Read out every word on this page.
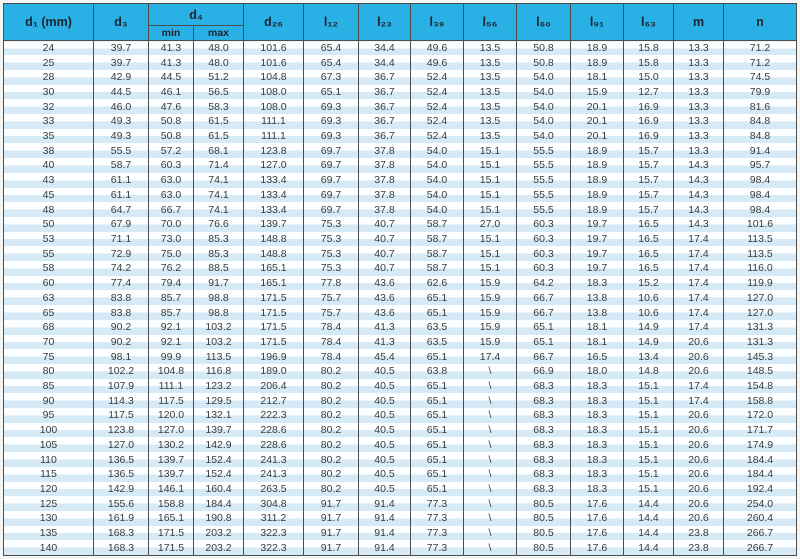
d₁ (mm)	d₃	d₄		d₂₆	l₁₂	l₂₃	l₃₉	l₅₆	l₆₀	l₉₁	l₆₃	m	n
		min	max										
24	39.7	41.3	48.0	101.6	65.4	34.4	49.6	13.5	50.8	18.9	15.8	13.3	71.2
25	39.7	41.3	48.0	101.6	65.4	34.4	49.6	13.5	50.8	18.9	15.8	13.3	71.2
28	42.9	44.5	51.2	104.8	67.3	36.7	52.4	13.5	54.0	18.1	15.0	13.3	74.5
30	44.5	46.1	56.5	108.0	65.1	36.7	52.4	13.5	54.0	15.9	12.7	13.3	79.9
32	46.0	47.6	58.3	108.0	69.3	36.7	52.4	13.5	54.0	20.1	16.9	13.3	81.6
33	49.3	50.8	61.5	111.1	69.3	36.7	52.4	13.5	54.0	20.1	16.9	13.3	84.8
35	49.3	50.8	61.5	111.1	69.3	36.7	52.4	13.5	54.0	20.1	16.9	13.3	84.8
38	55.5	57.2	68.1	123.8	69.7	37.8	54.0	15.1	55.5	18.9	15.7	13.3	91.4
40	58.7	60.3	71.4	127.0	69.7	37.8	54.0	15.1	55.5	18.9	15.7	14.3	95.7
43	61.1	63.0	74.1	133.4	69.7	37.8	54.0	15.1	55.5	18.9	15.7	14.3	98.4
45	61.1	63.0	74.1	133.4	69.7	37.8	54.0	15.1	55.5	18.9	15.7	14.3	98.4
48	64.7	66.7	74.1	133.4	69.7	37.8	54.0	15.1	55.5	18.9	15.7	14.3	98.4
50	67.9	70.0	76.6	139.7	75.3	40.7	58.7	27.0	60.3	19.7	16.5	14.3	101.6
53	71.1	73.0	85.3	148.8	75.3	40.7	58.7	15.1	60.3	19.7	16.5	17.4	113.5
55	72.9	75.0	85.3	148.8	75.3	40.7	58.7	15.1	60.3	19.7	16.5	17.4	113.5
58	74.2	76.2	88.5	165.1	75.3	40.7	58.7	15.1	60.3	19.7	16.5	17.4	116.0
60	77.4	79.4	91.7	165.1	77.8	43.6	62.6	15.9	64.2	18.3	15.2	17.4	119.9
63	83.8	85.7	98.8	171.5	75.7	43.6	65.1	15.9	66.7	13.8	10.6	17.4	127.0
65	83.8	85.7	98.8	171.5	75.7	43.6	65.1	15.9	66.7	13.8	10.6	17.4	127.0
68	90.2	92.1	103.2	171.5	78.4	41.3	63.5	15.9	65.1	18.1	14.9	17.4	131.3
70	90.2	92.1	103.2	171.5	78.4	41.3	63.5	15.9	65.1	18.1	14.9	20.6	131.3
75	98.1	99.9	113.5	196.9	78.4	45.4	65.1	17.4	66.7	16.5	13.4	20.6	145.3
80	102.2	104.8	116.8	189.0	80.2	40.5	63.8	\	66.9	18.0	14.8	20.6	148.5
85	107.9	111.1	123.2	206.4	80.2	40.5	65.1	\	68.3	18.3	15.1	17.4	154.8
90	114.3	117.5	129.5	212.7	80.2	40.5	65.1	\	68.3	18.3	15.1	17.4	158.8
95	117.5	120.0	132.1	222.3	80.2	40.5	65.1	\	68.3	18.3	15.1	20.6	172.0
100	123.8	127.0	139.7	228.6	80.2	40.5	65.1	\	68.3	18.3	15.1	20.6	171.7
105	127.0	130.2	142.9	228.6	80.2	40.5	65.1	\	68.3	18.3	15.1	20.6	174.9
110	136.5	139.7	152.4	241.3	80.2	40.5	65.1	\	68.3	18.3	15.1	20.6	184.4
115	136.5	139.7	152.4	241.3	80.2	40.5	65.1	\	68.3	18.3	15.1	20.6	184.4
120	142.9	146.1	160.4	263.5	80.2	40.5	65.1	\	68.3	18.3	15.1	20.6	192.4
125	155.6	158.8	184.4	304.8	91.7	91.4	77.3	\	80.5	17.6	14.4	20.6	254.0
130	161.9	165.1	190.8	311.2	91.7	91.4	77.3	\	80.5	17.6	14.4	20.6	260.4
135	168.3	171.5	203.2	322.3	91.7	91.4	77.3	\	80.5	17.6	14.4	23.8	266.7
140	168.3	171.5	203.2	322.3	91.7	91.4	77.3	\	80.5	17.6	14.4	23.8	266.7
